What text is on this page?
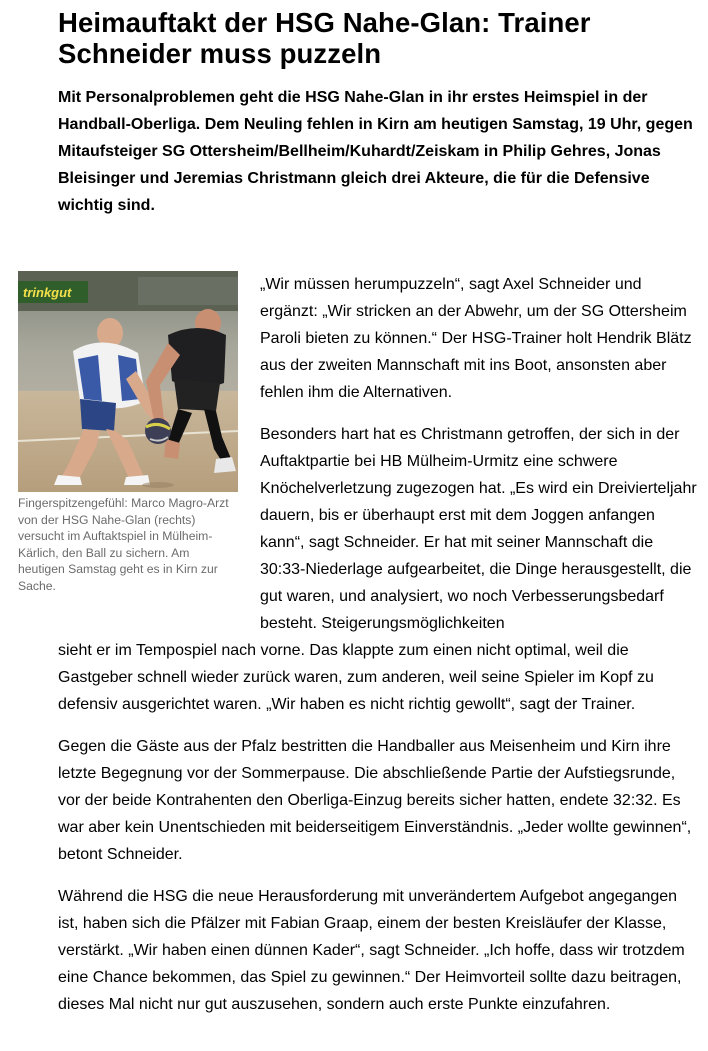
Heimauftakt der HSG Nahe-Glan: Trainer Schneider muss puzzeln

Mit Personalproblemen geht die HSG Nahe-Glan in ihr erstes Heimspiel in der Handball-Oberliga. Dem Neuling fehlen in Kirn am heutigen Samstag, 19 Uhr, gegen Mitaufsteiger SG Ottersheim/Bellheim/Kuhardt/Zeiskam in Philip Gehres, Jonas Bleisinger und Jeremias Christmann gleich drei Akteure, die für die Defensive wichtig sind.

trinkgut
Fingerspitzengefühl: Marco Magro-Arzt von der HSG Nahe-Glan (rechts) versucht im Auftaktspiel in Mülheim-Kärlich, den Ball zu sichern. Am heutigen Samstag geht es in Kirn zur Sache.

„Wir müssen herumpuzzeln“, sagt Axel Schneider und ergänzt: „Wir stricken an der Abwehr, um der SG Ottersheim Paroli bieten zu können.“ Der HSG-Trainer holt Hendrik Blätz aus der zweiten Mannschaft mit ins Boot, ansonsten aber fehlen ihm die Alternativen.

Besonders hart hat es Christmann getroffen, der sich in der Auftaktpartie bei HB Mülheim-Urmitz eine schwere Knöchelverletzung zugezogen hat. „Es wird ein Dreivierteljahr dauern, bis er überhaupt erst mit dem Joggen anfangen kann“, sagt Schneider. Er hat mit seiner Mannschaft die 30:33-Niederlage aufgearbeitet, die Dinge herausgestellt, die gut waren, und analysiert, wo noch Verbesserungsbedarf besteht. Steigerungsmöglichkeiten

sieht er im Tempospiel nach vorne. Das klappte zum einen nicht optimal, weil die Gastgeber schnell wieder zurück waren, zum anderen, weil seine Spieler im Kopf zu defensiv ausgerichtet waren. „Wir haben es nicht richtig gewollt“, sagt der Trainer.

Gegen die Gäste aus der Pfalz bestritten die Handballer aus Meisenheim und Kirn ihre letzte Begegnung vor der Sommerpause. Die abschließende Partie der Aufstiegsrunde, vor der beide Kontrahenten den Oberliga-Einzug bereits sicher hatten, endete 32:32. Es war aber kein Unentschieden mit beiderseitigem Einverständnis. „Jeder wollte gewinnen“, betont Schneider.

Während die HSG die neue Herausforderung mit unverändertem Aufgebot angegangen ist, haben sich die Pfälzer mit Fabian Graap, einem der besten Kreisläufer der Klasse, verstärkt. „Wir haben einen dünnen Kader“, sagt Schneider. „Ich hoffe, dass wir trotzdem eine Chance bekommen, das Spiel zu gewinnen.“ Der Heimvorteil sollte dazu beitragen, dieses Mal nicht nur gut auszusehen, sondern auch erste Punkte einzufahren.
